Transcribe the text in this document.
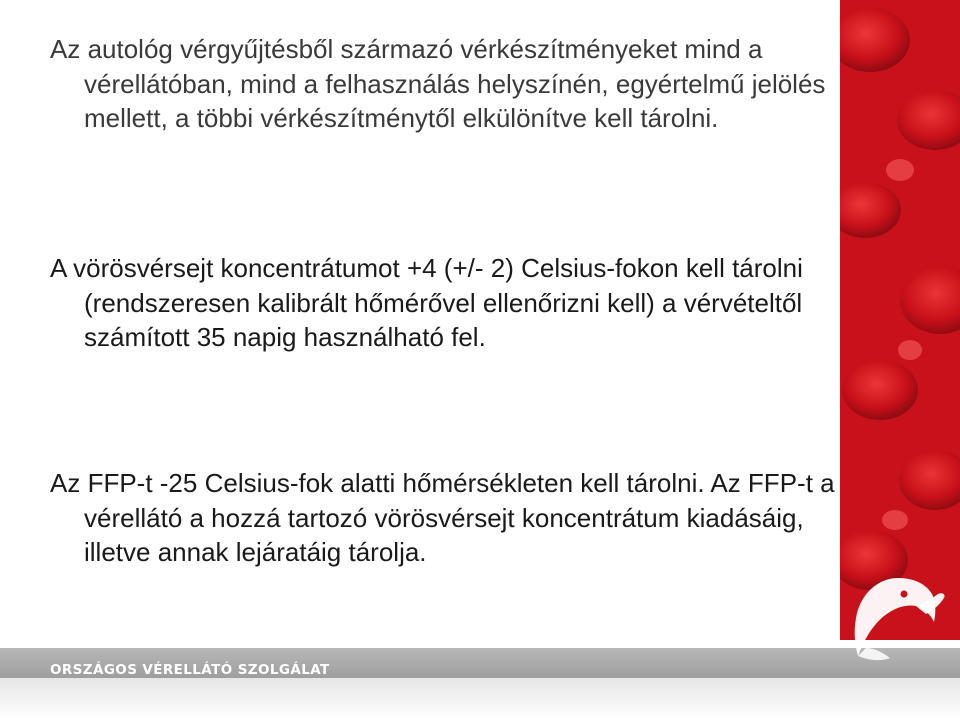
Az autológ vérgyűjtésből származó vérkészítményeket mind a vérellátóban, mind a felhasználás helyszínén, egyértelmű jelölés mellett, a többi vérkészítménytől elkülönítve kell tárolni.

A vörösvérsejt koncentrátumot +4 (+/- 2) Celsius-fokon kell tárolni (rendszeresen kalibrált hőmérővel ellenőrizni kell) a vérvételtől számított 35 napig használható fel.

Az FFP-t -25 Celsius-fok alatti hőmérsékleten kell tárolni. Az FFP-t a vérellátó a hozzá tartozó vörösvérsejt koncentrátum kiadásáig, illetve annak lejáratáig tárolja.

ORSZÁGOS VÉRELLÁTÓ SZOLGÁLAT
